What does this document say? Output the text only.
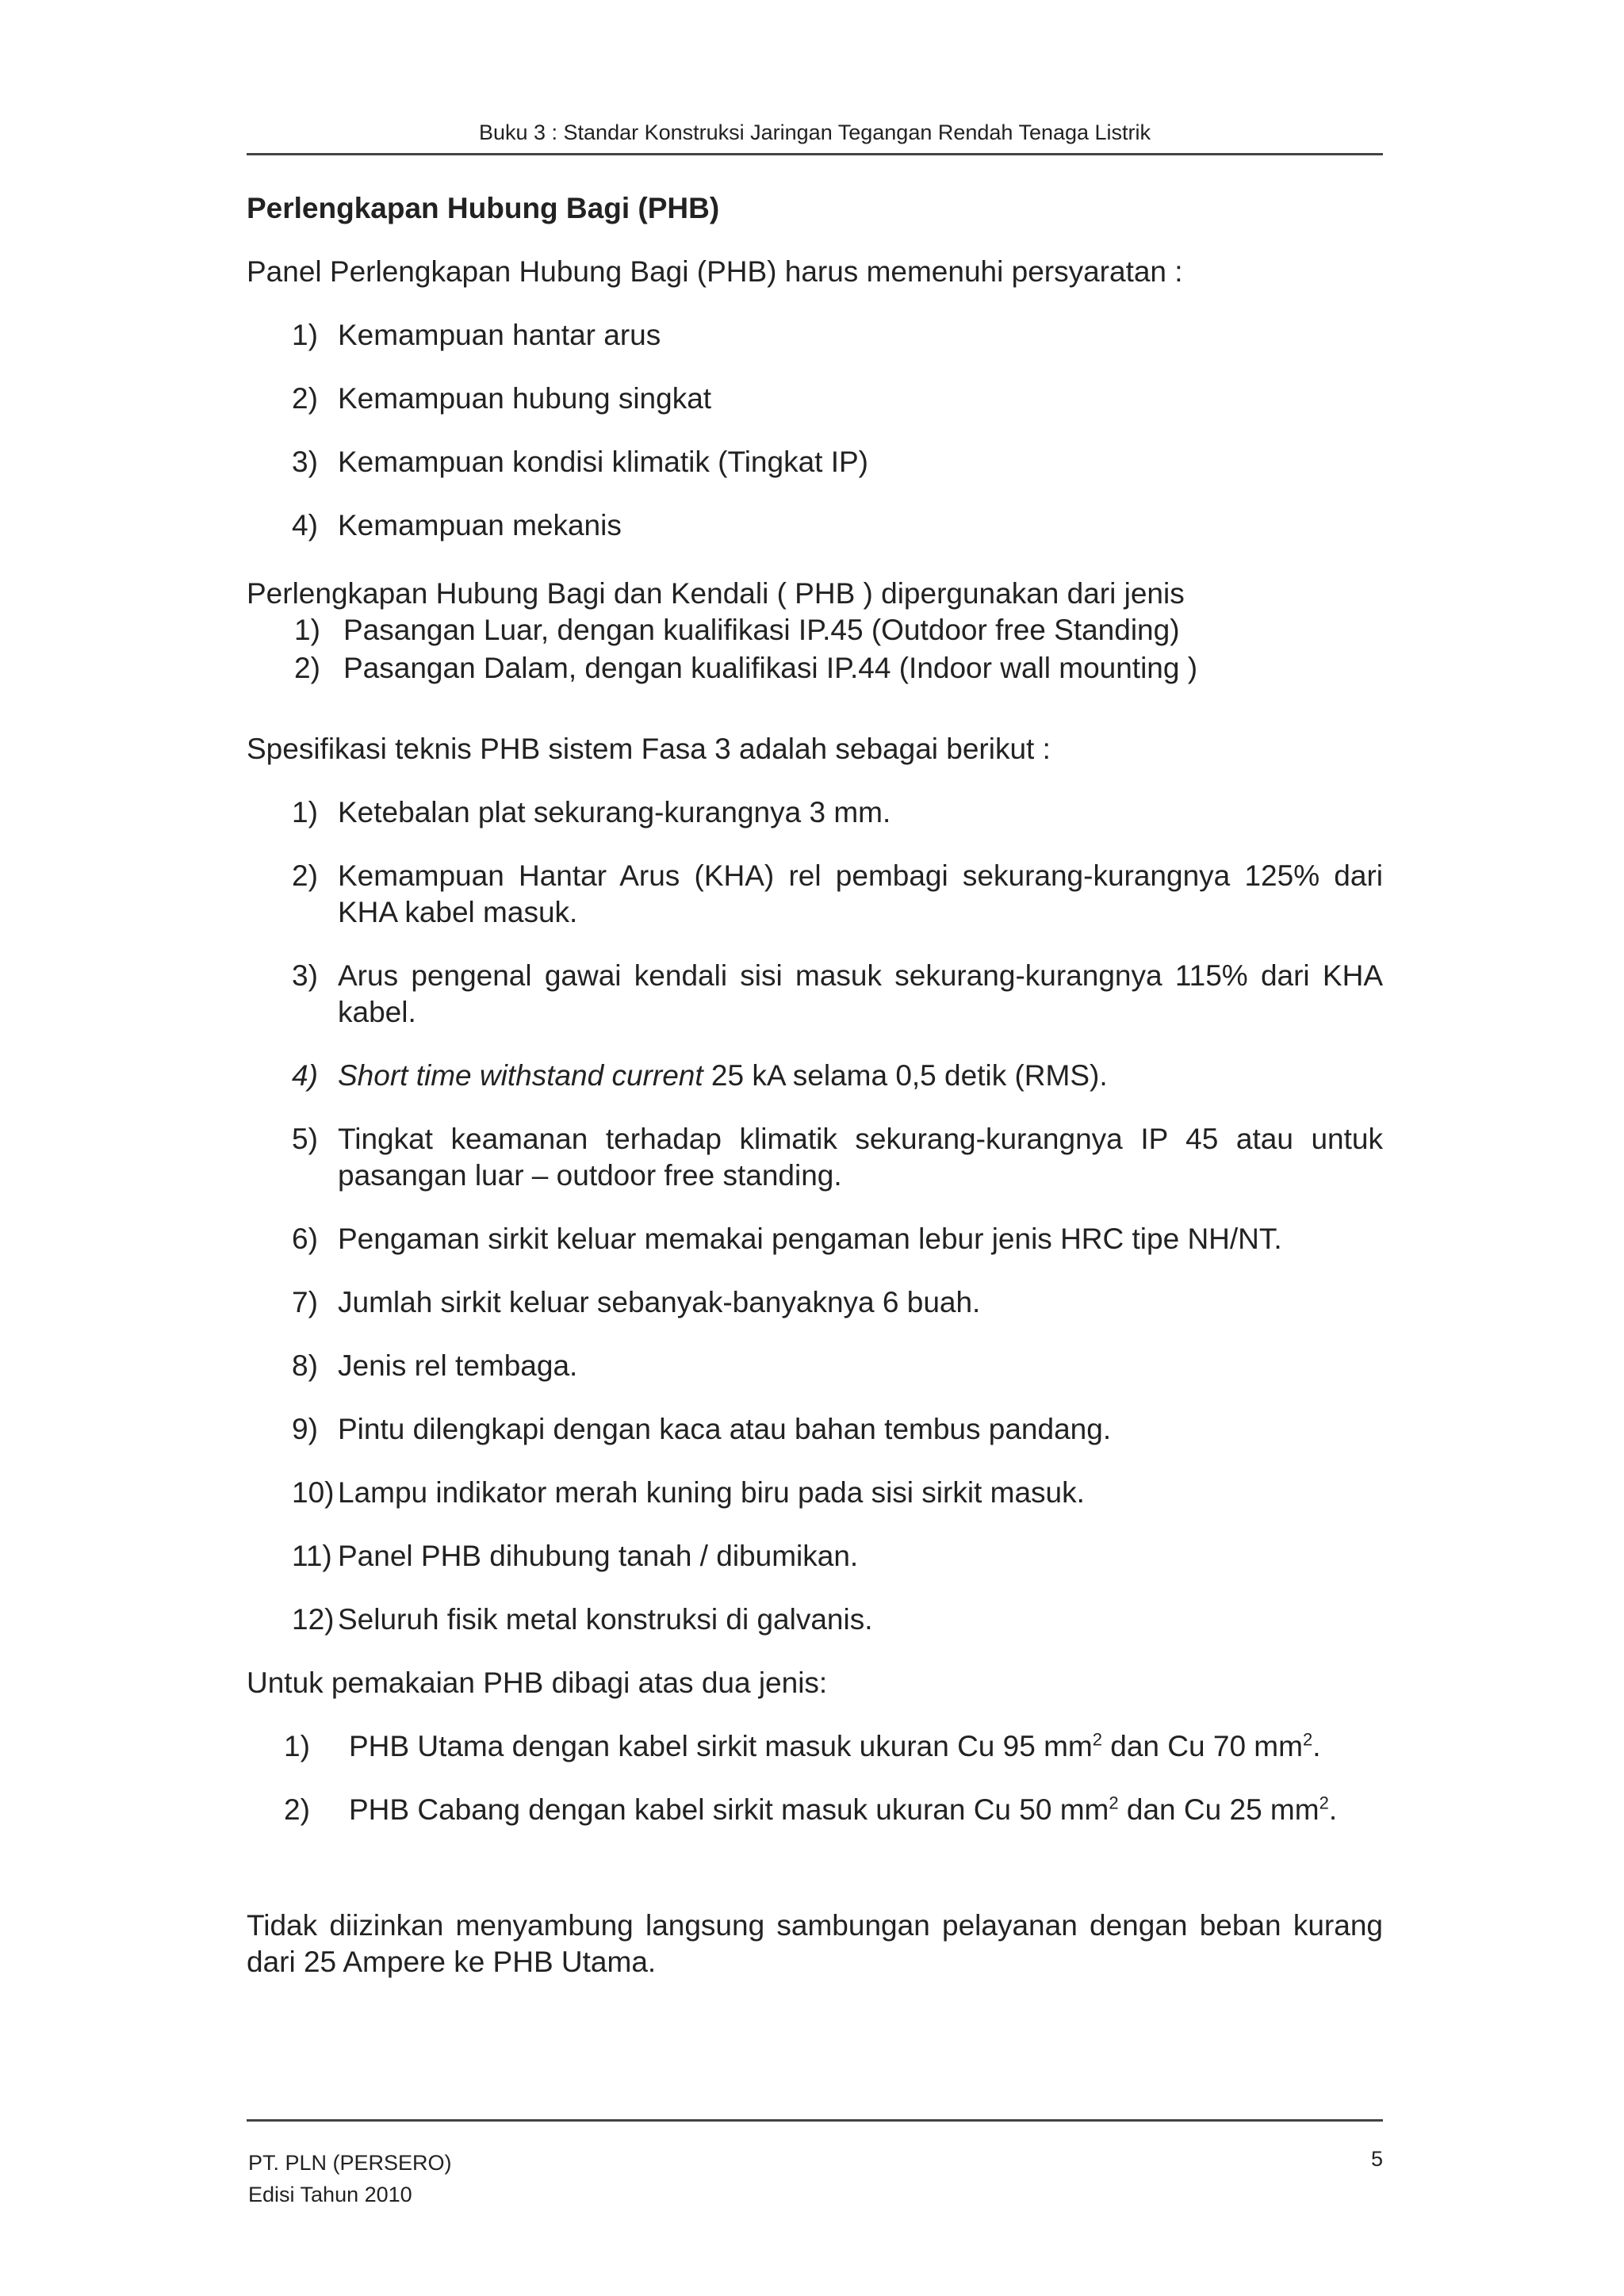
Buku 3 : Standar Konstruksi Jaringan Tegangan Rendah Tenaga Listrik
Perlengkapan Hubung Bagi (PHB)

Panel Perlengkapan Hubung Bagi (PHB) harus memenuhi persyaratan :

1) Kemampuan hantar arus
2) Kemampuan hubung singkat
3) Kemampuan kondisi klimatik (Tingkat IP)
4) Kemampuan mekanis

Perlengkapan Hubung Bagi dan Kendali ( PHB ) dipergunakan dari jenis

1) Pasangan Luar, dengan kualifikasi IP.45 (Outdoor free Standing)
2) Pasangan Dalam, dengan kualifikasi IP.44 (Indoor wall mounting )

Spesifikasi teknis PHB sistem Fasa 3 adalah sebagai berikut :

1) Ketebalan plat sekurang-kurangnya 3 mm.
2) Kemampuan Hantar Arus (KHA) rel pembagi sekurang-kurangnya 125% dari KHA kabel masuk.
3) Arus pengenal gawai kendali sisi masuk sekurang-kurangnya 115% dari KHA kabel.
4) Short time withstand current 25 kA selama 0,5 detik (RMS).
5) Tingkat keamanan terhadap klimatik sekurang-kurangnya IP 45 atau untuk pasangan luar – outdoor free standing.
6) Pengaman sirkit keluar memakai pengaman lebur jenis HRC tipe NH/NT.
7) Jumlah sirkit keluar sebanyak-banyaknya 6 buah.
8) Jenis rel tembaga.
9) Pintu dilengkapi dengan kaca atau bahan tembus pandang.
10) Lampu indikator merah kuning biru pada sisi sirkit masuk.
11) Panel PHB dihubung tanah / dibumikan.
12) Seluruh fisik metal konstruksi di galvanis.

Untuk pemakaian PHB dibagi atas dua jenis:

1)	PHB Utama dengan kabel sirkit masuk ukuran Cu 95 $mm^2$ dan Cu 70 $mm^2$.
2)	PHB Cabang dengan kabel sirkit masuk ukuran Cu 50 $mm^2$ dan Cu 25 $mm^2$.

Tidak diizinkan menyambung langsung sambungan pelayanan dengan beban kurang dari 25 Ampere ke PHB Utama.

PT. PLN (PERSERO)
Edisi Tahun 2010
5
